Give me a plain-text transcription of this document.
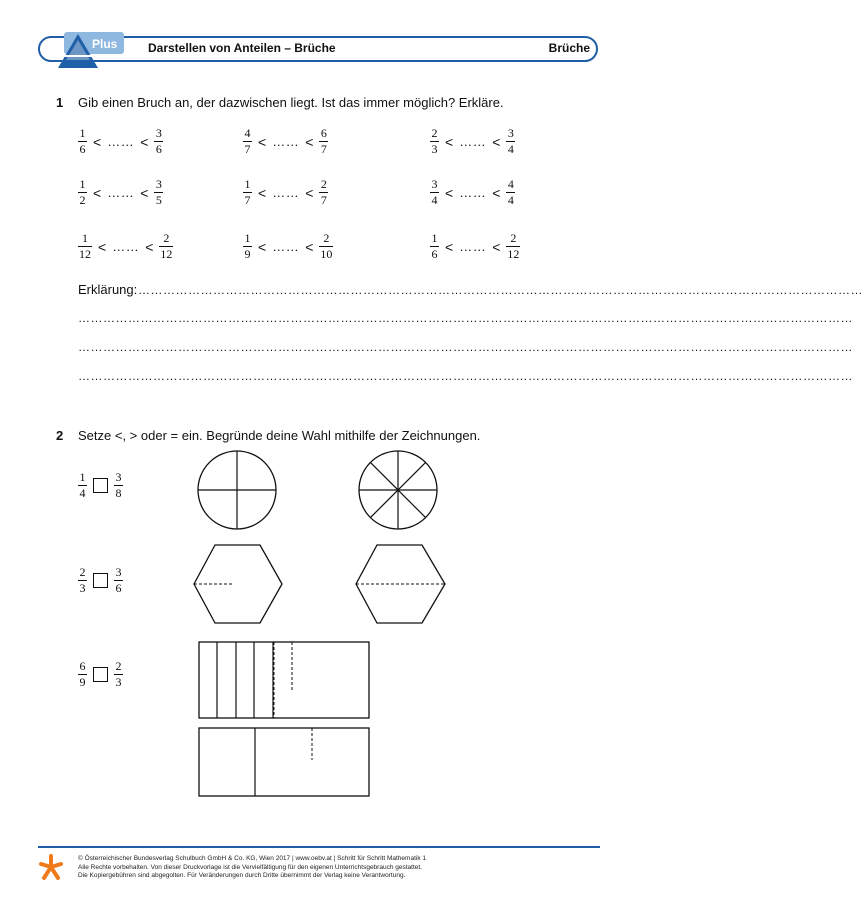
Plus	Darstellen von Anteilen – Brüche	Brüche
1 Gib einen Bruch an, der dazwischen liegt. Ist das immer möglich? Erkläre.
$\frac{1}{6}$ < …… < $\frac{3}{6}$	$\frac{4}{7}$ < …… < $\frac{6}{7}$	$\frac{2}{3}$ < …… < $\frac{3}{4}$
$\frac{1}{2}$ < …… < $\frac{3}{5}$	$\frac{1}{7}$ < …… < $\frac{2}{7}$	$\frac{3}{4}$ < …… < $\frac{4}{4}$
$\frac{1}{12}$ < …… < $\frac{2}{12}$	$\frac{1}{9}$ < …… < $\frac{2}{10}$	$\frac{1}{6}$ < …… < $\frac{2}{12}$
Erklärung: …………………………………………………………………………………………………………………………………………………………
……………………………………………………………………………………………………………………………………………………………………
……………………………………………………………………………………………………………………………………………………………………
……………………………………………………………………………………………………………………………………………………………………
2 Setze <, > oder = ein. Begründe deine Wahl mithilfe der Zeichnungen.
$\frac{1}{4} \frac{3}{8}$
$\frac{2}{3} \frac{3}{6}$
$\frac{6}{9} \frac{2}{3}$
© Österreichischer Bundesverlag Schulbuch GmbH & Co. KG, Wien 2017 | www.oebv.at | Schritt für Schritt Mathematik 1
Alle Rechte vorbehalten. Von dieser Druckvorlage ist die Vervielfältigung für den eigenen Unterrichtsgebrauch gestattet.
Die Kopiergebühren sind abgegolten. Für Veränderungen durch Dritte übernimmt der Verlag keine Verantwortung.
